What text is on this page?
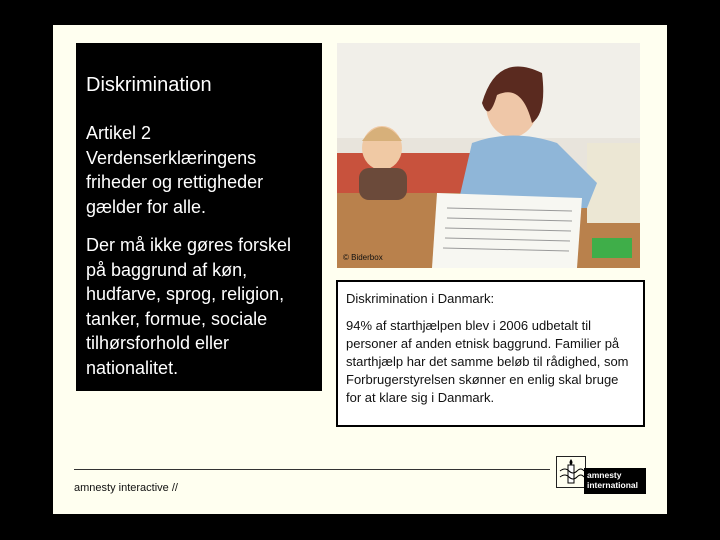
Diskrimination
Artikel 2 Verdenserklæringens friheder og rettigheder gælder for alle.
Der må ikke gøres forskel på baggrund af køn, hudfarve, sprog, religion, tanker, formue, sociale tilhørsforhold eller nationalitet.
© Biderbox
Diskrimination i Danmark:
94% af starthjælpen blev i 2006 udbetalt til personer af anden etnisk baggrund. Familier på starthjælp har det samme beløb til rådighed, som Forbrugerstyrelsen skønner en enlig skal bruge for at klare sig i Danmark.
amnesty interactive //
amnesty
international
